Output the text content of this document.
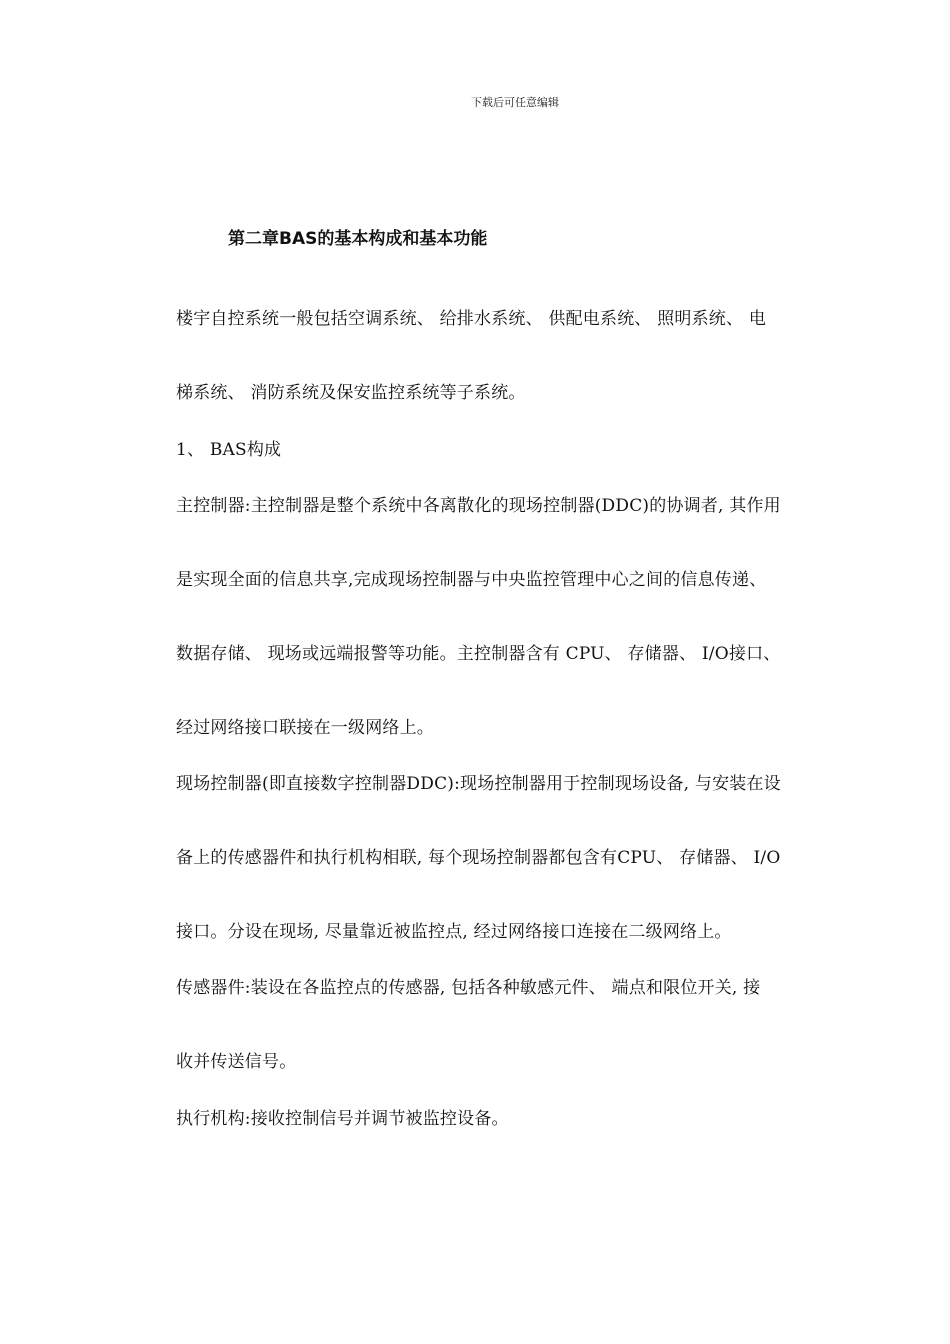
下载后可任意编辑
第二章BAS的基本构成和基本功能
楼宇自控系统一般包括空调系统、 给排水系统、 供配电系统、 照明系统、 电
梯系统、 消防系统及保安监控系统等子系统。
1、 BAS构成
主控制器:主控制器是整个系统中各离散化的现场控制器(DDC)的协调者, 其作用
是实现全面的信息共享,完成现场控制器与中央监控管理中心之间的信息传递、
数据存储、 现场或远端报警等功能。主控制器含有 CPU、 存储器、 I/O接口、
经过网络接口联接在一级网络上。
现场控制器(即直接数字控制器DDC):现场控制器用于控制现场设备, 与安装在设
备上的传感器件和执行机构相联, 每个现场控制器都包含有CPU、 存储器、 I/O
接口。分设在现场, 尽量靠近被监控点, 经过网络接口连接在二级网络上。
传感器件:装设在各监控点的传感器, 包括各种敏感元件、 端点和限位开关, 接
收并传送信号。
执行机构:接收控制信号并调节被监控设备。
